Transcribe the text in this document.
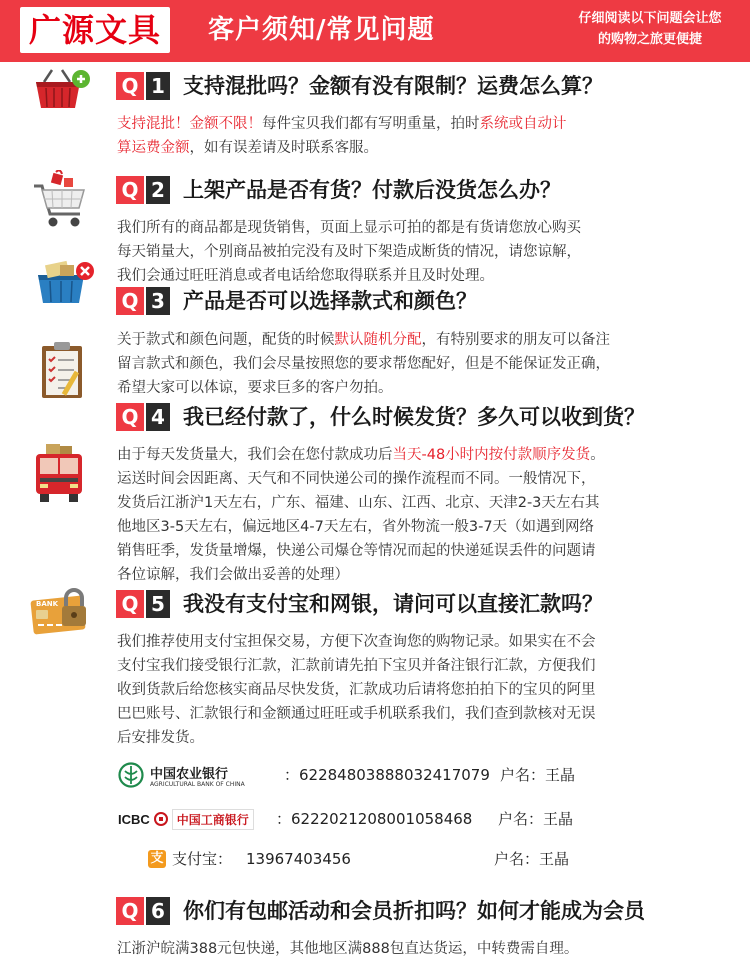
广源文具	客户须知/常见问题	仔细阅读以下问题会让您
的购物之旅更便捷
Q 1 支持混批吗？金额有没有限制？运费怎么算？
支持混批！金额不限！每件宝贝我们都有写明重量，拍时系统或自动计
算运费金额，如有误差请及时联系客服。
Q 2 上架产品是否有货？付款后没货怎么办？
我们所有的商品都是现货销售，页面上显示可拍的都是有货请您放心购买
每天销量大，个别商品被拍完没有及时下架造成断货的情况，请您谅解，
我们会通过旺旺消息或者电话给您取得联系并且及时处理。
Q 3 产品是否可以选择款式和颜色？
关于款式和颜色问题，配货的时候默认随机分配，有特别要求的朋友可以备注
留言款式和颜色，我们会尽量按照您的要求帮您配好，但是不能保证发正确，
希望大家可以体谅，要求巨多的客户勿拍。
Q 4 我已经付款了，什么时候发货？多久可以收到货？
由于每天发货量大，我们会在您付款成功后当天-48小时内按付款顺序发货。
运送时间会因距离、天气和不同快递公司的操作流程而不同。一般情况下，
发货后江浙沪1天左右，广东、福建、山东、江西、北京、天津2-3天左右其
他地区3-5天左右，偏远地区4-7天左右，省外物流一般3-7天（如遇到网络
销售旺季，发货量增爆，快递公司爆仓等情况而起的快递延误丢件的问题请
各位谅解，我们会做出妥善的处理）
BANK	Q 5 我没有支付宝和网银，请问可以直接汇款吗？
我们推荐使用支付宝担保交易，方便下次查询您的购物记录。如果实在不会
支付宝我们接受银行汇款，汇款前请先拍下宝贝并备注银行汇款，方便我们
收到货款后给您核实商品尽快发货，汇款成功后请将您拍拍下的宝贝的阿里
巴巴账号、汇款银行和金额通过旺旺或手机联系我们，我们查到款核对无误
后安排发货。
中国农业银行
AGRICULTURAL BANK OF CHINA
：6228480388803241707​9 户名：王晶
ICBC	中国工商银行	：6222021208001058468 户名：王晶
支 支付宝： 13967403456	户名：王晶
Q 6 你们有包邮活动和会员折扣吗？如何才能成为会员
江浙沪皖满388元包快递，其他地区满888包直达货运，中转费需自理。
